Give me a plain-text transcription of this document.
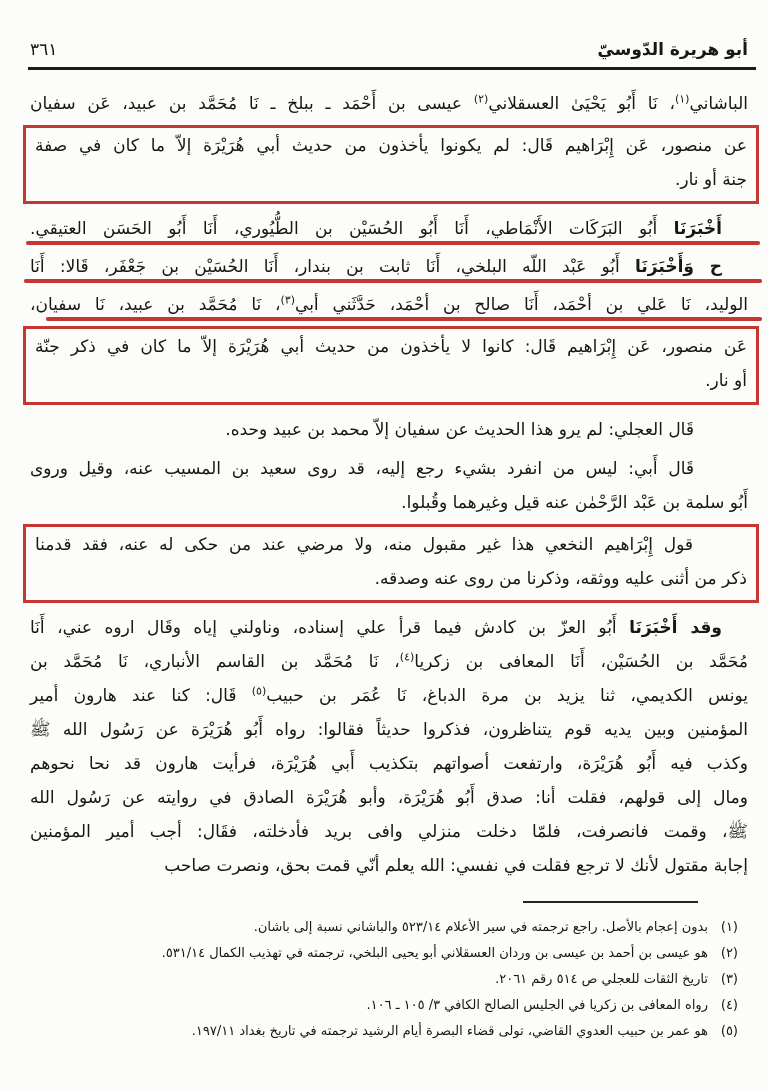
أبو هريرة الدّوسيّ
٣٦١
الباشاني$^{(١)}$، نَا أَبُو يَحْيَىٰ العسقلاني$^{(٢)}$ عيسى بن أَحْمَد ـ ببلخ ـ نَا مُحَمَّد بن عبيد، عَن سفيان
عن منصور، عَن إِبْرَاهيم قَال: لم يكونوا يأخذون من حديث أبي هُرَيْرَة إلاّ ما كان في صفة
جنة أو نار.
أَخْبَرَنَا أَبُو البَرَكَات الأَنْمَاطي، أَنَا أَبُو الحُسَيْن بن الطُّيُوري، أَنَا أَبُو الحَسَن العتيقي.
ح وَأَخْبَرَنَا أَبُو عَبْد اللّه البلخي، أَنَا ثابت بن بندار، أَنَا الحُسَيْن بن جَعْفَر، قَالا: أَنَا
الوليد، نَا عَلي بن أحْمَد، أَنَا صالح بن أحْمَد، حَدَّثَني أبي$^{(٣)}$، نَا مُحَمَّد بن عبيد، نَا سفيان،
عَن منصور، عَن إِبْرَاهيم قَال: كانوا لا يأخذون من حديث أبي هُرَيْرَة إلاّ ما كان في ذكر جنّة
أو نار.
قَال العجلي: لم يرو هذا الحديث عن سفيان إلاّ محمد بن عبيد وحده.
قَال أَبي: ليس من انفرد بشيء رجع إليه، قد روى سعيد بن المسيب عنه، وقيل وروى
أَبُو سلمة بن عَبْد الرَّحْمٰن عنه قيل وغيرهما وقُبلوا.
قول إِبْرَاهيم النخعي هذا غير مقبول منه، ولا مرضي عند من حكى له عنه، فقد قدمنا
ذكر من أثنى عليه ووثقه، وذكرنا من روى عنه وصدقه.
وقد أَخْبَرَنَا أَبُو العزّ بن كادش فيما قرأ علي إسناده، وناولني إياه وقَال اروه عني، أَنَا
مُحَمَّد بن الحُسَيْن، أَنَا المعافى بن زكريا$^{(٤)}$، نَا مُحَمَّد بن القاسم الأنباري، نَا مُحَمَّد بن
يونس الكديمي، ثنا يزيد بن مرة الدباغ، نَا عُمَر بن حبيب$^{(٥)}$ قَال: كنا عند هارون أمير
المؤمنين وبين يديه قوم يتناظرون، فذكروا حديثاً فقالوا: رواه أَبُو هُرَيْرَة عن رَسُول الله ﷺ
وكذب فيه أَبُو هُرَيْرَة، وارتفعت أصواتهم بتكذيب أَبي هُرَيْرَة، فرأيت هارون قد نحا نحوهم
ومال إلى قولهم، فقلت أنا: صدق أَبُو هُرَيْرَة، وأبو هُرَيْرَة الصادق في روايته عن رَسُول الله
ﷺ، وقمت فانصرفت، فلمّا دخلت منزلي وافى بريد فأدخلته، فقَال: أجب أمير المؤمنين
إجابة مقتول لأنك لا ترجع فقلت في نفسي: الله يعلم أنّي قمت بحق، ونصرت صاحب
(١)
بدون إعجام بالأصل. راجع ترجمته في سير الأعلام ٥٢٣/١٤ والباشاني نسبة إلى باشان.
(٢)
هو عيسى بن أحمد بن عيسى بن وردان العسقلاني أبو يحيى البلخي، ترجمته في تهذيب الكمال ٥٣١/١٤.
(٣)
تاريخ الثقات للعجلي ص ٥١٤ رقم ٢٠٦١.
(٤)
رواه المعافى بن زكريا في الجليس الصالح الكافي ٣/ ١٠٥ ـ ١٠٦.
(٥)
هو عمر بن حبيب العدوي القاضي، تولى قضاء البصرة أيام الرشيد ترجمته في تاريخ بغداد ١٩٧/١١.
